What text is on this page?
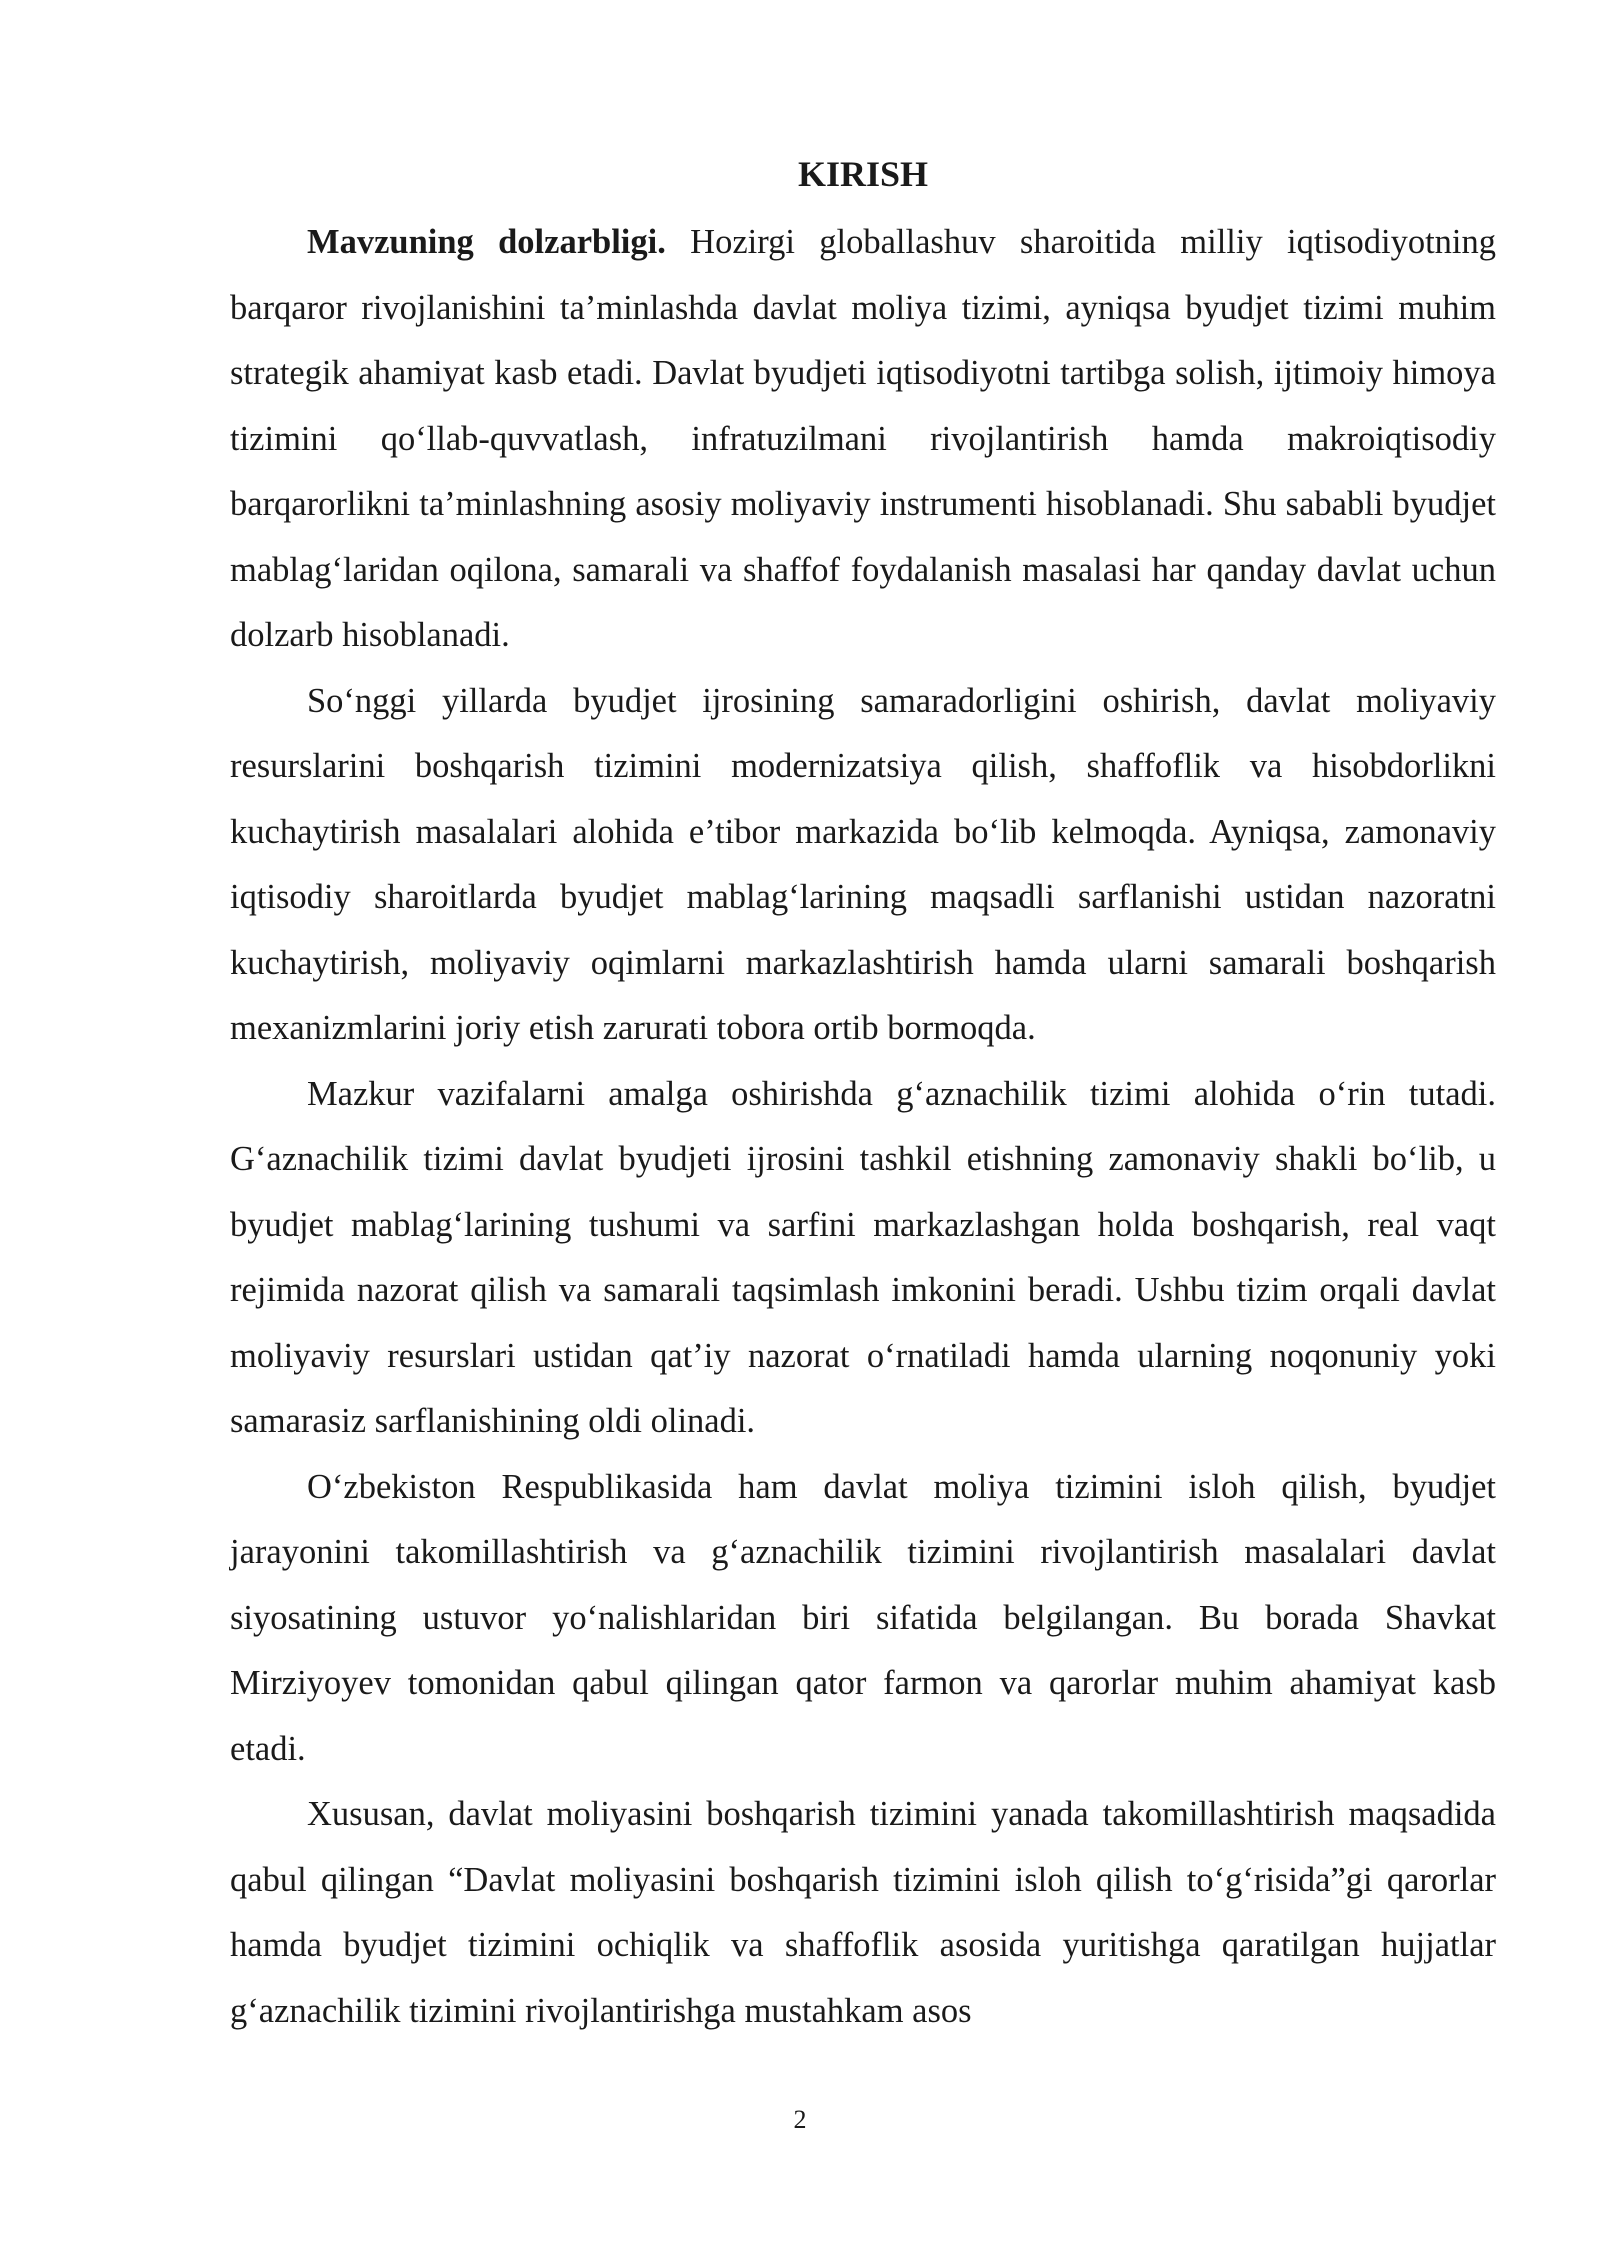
KIRISH

Mavzuning dolzarbligi. Hozirgi globallashuv sharoitida milliy iqtisodiyotning barqaror rivojlanishini ta’minlashda davlat moliya tizimi, ayniqsa byudjet tizimi muhim strategik ahamiyat kasb etadi. Davlat byudjeti iqtisodiyotni tartibga solish, ijtimoiy himoya tizimini qo‘llab-quvvatlash, infratuzilmani rivojlantirish hamda makroiqtisodiy barqarorlikni ta’minlashning asosiy moliyaviy instrumenti hisoblanadi. Shu sababli byudjet mablag‘laridan oqilona, samarali va shaffof foydalanish masalasi har qanday davlat uchun dolzarb hisoblanadi.

So‘nggi yillarda byudjet ijrosining samaradorligini oshirish, davlat moliyaviy resurslarini boshqarish tizimini modernizatsiya qilish, shaffoflik va hisobdorlikni kuchaytirish masalalari alohida e’tibor markazida bo‘lib kelmoqda. Ayniqsa, zamonaviy iqtisodiy sharoitlarda byudjet mablag‘larining maqsadli sarflanishi ustidan nazoratni kuchaytirish, moliyaviy oqimlarni markazlashtirish hamda ularni samarali boshqarish mexanizmlarini joriy etish zarurati tobora ortib bormoqda.

Mazkur vazifalarni amalga oshirishda g‘aznachilik tizimi alohida o‘rin tutadi. G‘aznachilik tizimi davlat byudjeti ijrosini tashkil etishning zamonaviy shakli bo‘lib, u byudjet mablag‘larining tushumi va sarfini markazlashgan holda boshqarish, real vaqt rejimida nazorat qilish va samarali taqsimlash imkonini beradi. Ushbu tizim orqali davlat moliyaviy resurslari ustidan qat’iy nazorat o‘rnatiladi hamda ularning noqonuniy yoki samarasiz sarflanishining oldi olinadi.

O‘zbekiston Respublikasida ham davlat moliya tizimini isloh qilish, byudjet jarayonini takomillashtirish va g‘aznachilik tizimini rivojlantirish masalalari davlat siyosatining ustuvor yo‘nalishlaridan biri sifatida belgilangan. Bu borada Shavkat Mirziyoyev tomonidan qabul qilingan qator farmon va qarorlar muhim ahamiyat kasb etadi.

Xususan, davlat moliyasini boshqarish tizimini yanada takomillashtirish maqsadida qabul qilingan “Davlat moliyasini boshqarish tizimini isloh qilish to‘g‘risida”gi qarorlar hamda byudjet tizimini ochiqlik va shaffoflik asosida yuritishga qaratilgan hujjatlar g‘aznachilik tizimini rivojlantirishga mustahkam asos

2
